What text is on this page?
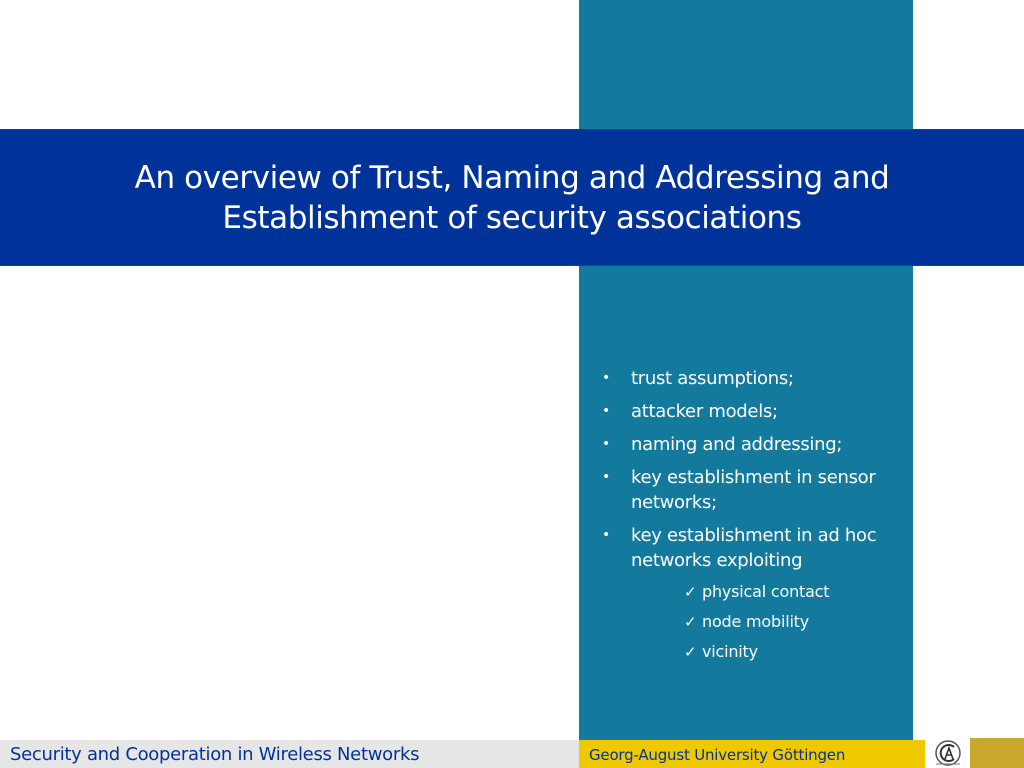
An overview of Trust, Naming and Addressing and
Establishment of security associations
• trust assumptions;
• attacker models;
• naming and addressing;
• key establishment in sensor networks;
• key establishment in ad hoc networks exploiting
✓ physical contact
✓ node mobility
✓ vicinity
Security and Cooperation in Wireless Networks	Georg-August University Göttingen
